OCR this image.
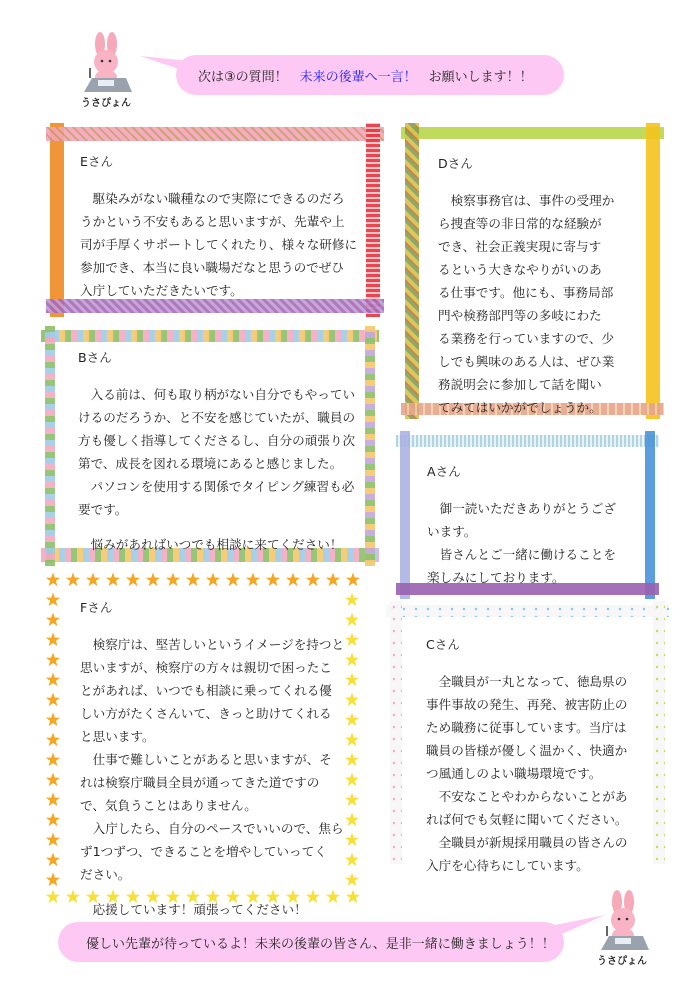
うさぴょん
次は③の質問！ 未来の後輩へ一言！ お願いします！！
Eさん
　駆染みがない職種なので実際にできるのだろ
うかという不安もあると思いますが、先輩や上
司が手厚くサポートしてくれたり、様々な研修に
参加でき、本当に良い職場だなと思うのでぜひ
入庁していただきたいです。
Dさん
　検察事務官は、事件の受理か
ら捜査等の非日常的な経験が
でき、社会正義実現に寄与す
るという大きなやりがいのあ
る仕事です。他にも、事務局部
門や検務部門等の多岐にわた
る業務を行っていますので、少
しでも興味のある人は、ぜひ業
務説明会に参加して話を聞い
てみてはいかがでしょうか。
Bさん
　入る前は、何も取り柄がない自分でもやってい
けるのだろうか、と不安を感じていたが、職員の
方も優しく指導してくださるし、自分の頑張り次
第で、成長を図れる環境にあると感じました。
　パソコンを使用する関係でタイピング練習も必
要です。
　悩みがあればいつでも相談に来てください！
Aさん
　御一読いただきありがとうござ
います。
　皆さんとご一緒に働けることを
楽しみにしております。
Fさん
　検察庁は、堅苦しいというイメージを持つと
思いますが、検察庁の方々は親切で困ったこ
とがあれば、いつでも相談に乗ってくれる優
しい方がたくさんいて、きっと助けてくれる
と思います。
　仕事で難しいことがあると思いますが、そ
れは検察庁職員全員が通ってきた道ですの
で、気負うことはありません。
　入庁したら、自分のペースでいいので、焦ら
ず1つずつ、できることを増やしていってく
ださい。
　応援しています！頑張ってください！
Cさん
　全職員が一丸となって、徳島県の
事件事故の発生、再発、被害防止の
ため職務に従事しています。当庁は
職員の皆様が優しく温かく、快適か
つ風通しのよい職場環境です。
　不安なことやわからないことがあ
れば何でも気軽に聞いてください。
　全職員が新規採用職員の皆さんの
入庁を心待ちにしています。
優しい先輩が待っているよ！未来の後輩の皆さん、是非一緒に働きましょう！！
うさぴょん
